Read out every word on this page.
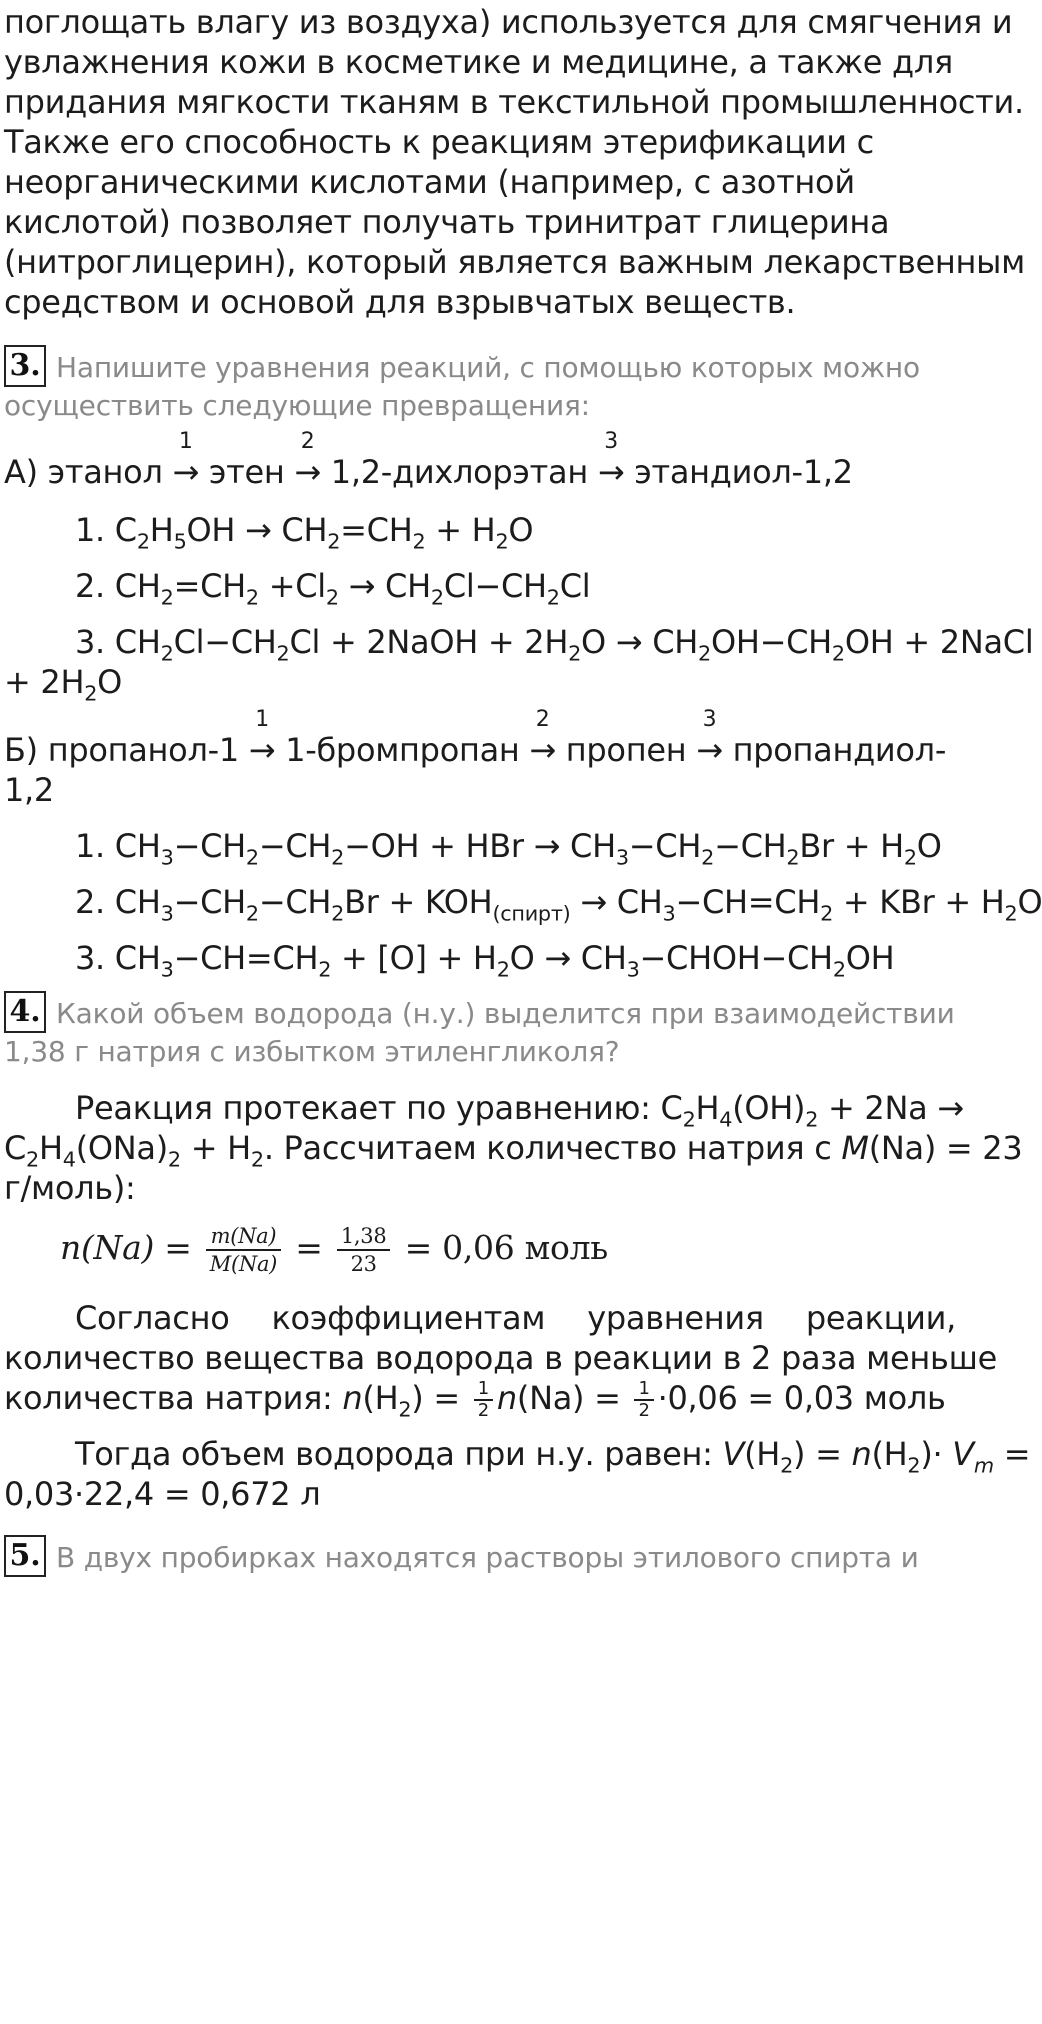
поглощать влагу из воздуха) используется для смягчения и
увлажнения кожи в косметике и медицине, а также для
придания мягкости тканям в текстильной промышленности.
Также его способность к реакциям этерификации с
неорганическими кислотами (например, с азотной
кислотой) позволяет получать тринитрат глицерина
(нитроглицерин), который является важным лекарственным
средством и основой для взрывчатых веществ.
3. Напишите уравнения реакций, с помощью которых можно
осуществить следующие превращения:
А) этанол →
1
этен →
2
1,2-дихлорэтан →
3
этандиол-1,2
1. $C_2H_5OH \to CH_2=CH_2 + H_2O$
2. $CH_2=CH_2 +Cl_2 \to CH_2Cl-CH_2Cl$
3. $CH_2Cl-CH_2Cl$ + 2NaOH + $2H_2O \to CH_2OH-CH_2OH$ + 2NaCl
+ $2H_2O$
Б) пропанол-1 →
1
1-бромпропан →
2
пропен →
3
пропандиол-
1,2
1. $CH_3-CH_2-CH_2-OH$ + HBr → $CH_3-CH_2-CH_2Br + H_2O$
2. $CH_3-CH_2-CH_2Br + KOH_{(спирт)} \to CH_3-CH=CH_2$ + KBr + $H_2O$
3. $CH_3-CH=CH_2 + [O] + H_2O$ → $CH_3-CHOH-CH_2OH$
4. Какой объем водорода (н.у.) выделится при взаимодействии
1,38 г натрия с избытком этиленгликоля?
Реакция протекает по уравнению: $C_2H_4(OH)_2 + 2Na$ →
$C_2H_4(ONa)_2 + H_2$. Рассчитаем количество натрия с M(Na) = 23
г/моль):
$n(Na) = \frac{m(Na)}{M(Na)} = \frac{1,38}{23} = 0,06$ моль
Согласно коэффициентам уравнения реакции,
количество вещества водорода в реакции в 2 раза меньше
количества натрия: $n(H_2) = \frac{1}{2} n(Na) = \frac{1}{2} \cdot 0,06 = 0,03$ моль
Тогда объем водорода при н.у. равен: $V(H_2) = n(H_2)\cdot V_m$ =
0,03·22,4 = 0,672 л
5. В двух пробирках находятся растворы этилового спирта и
